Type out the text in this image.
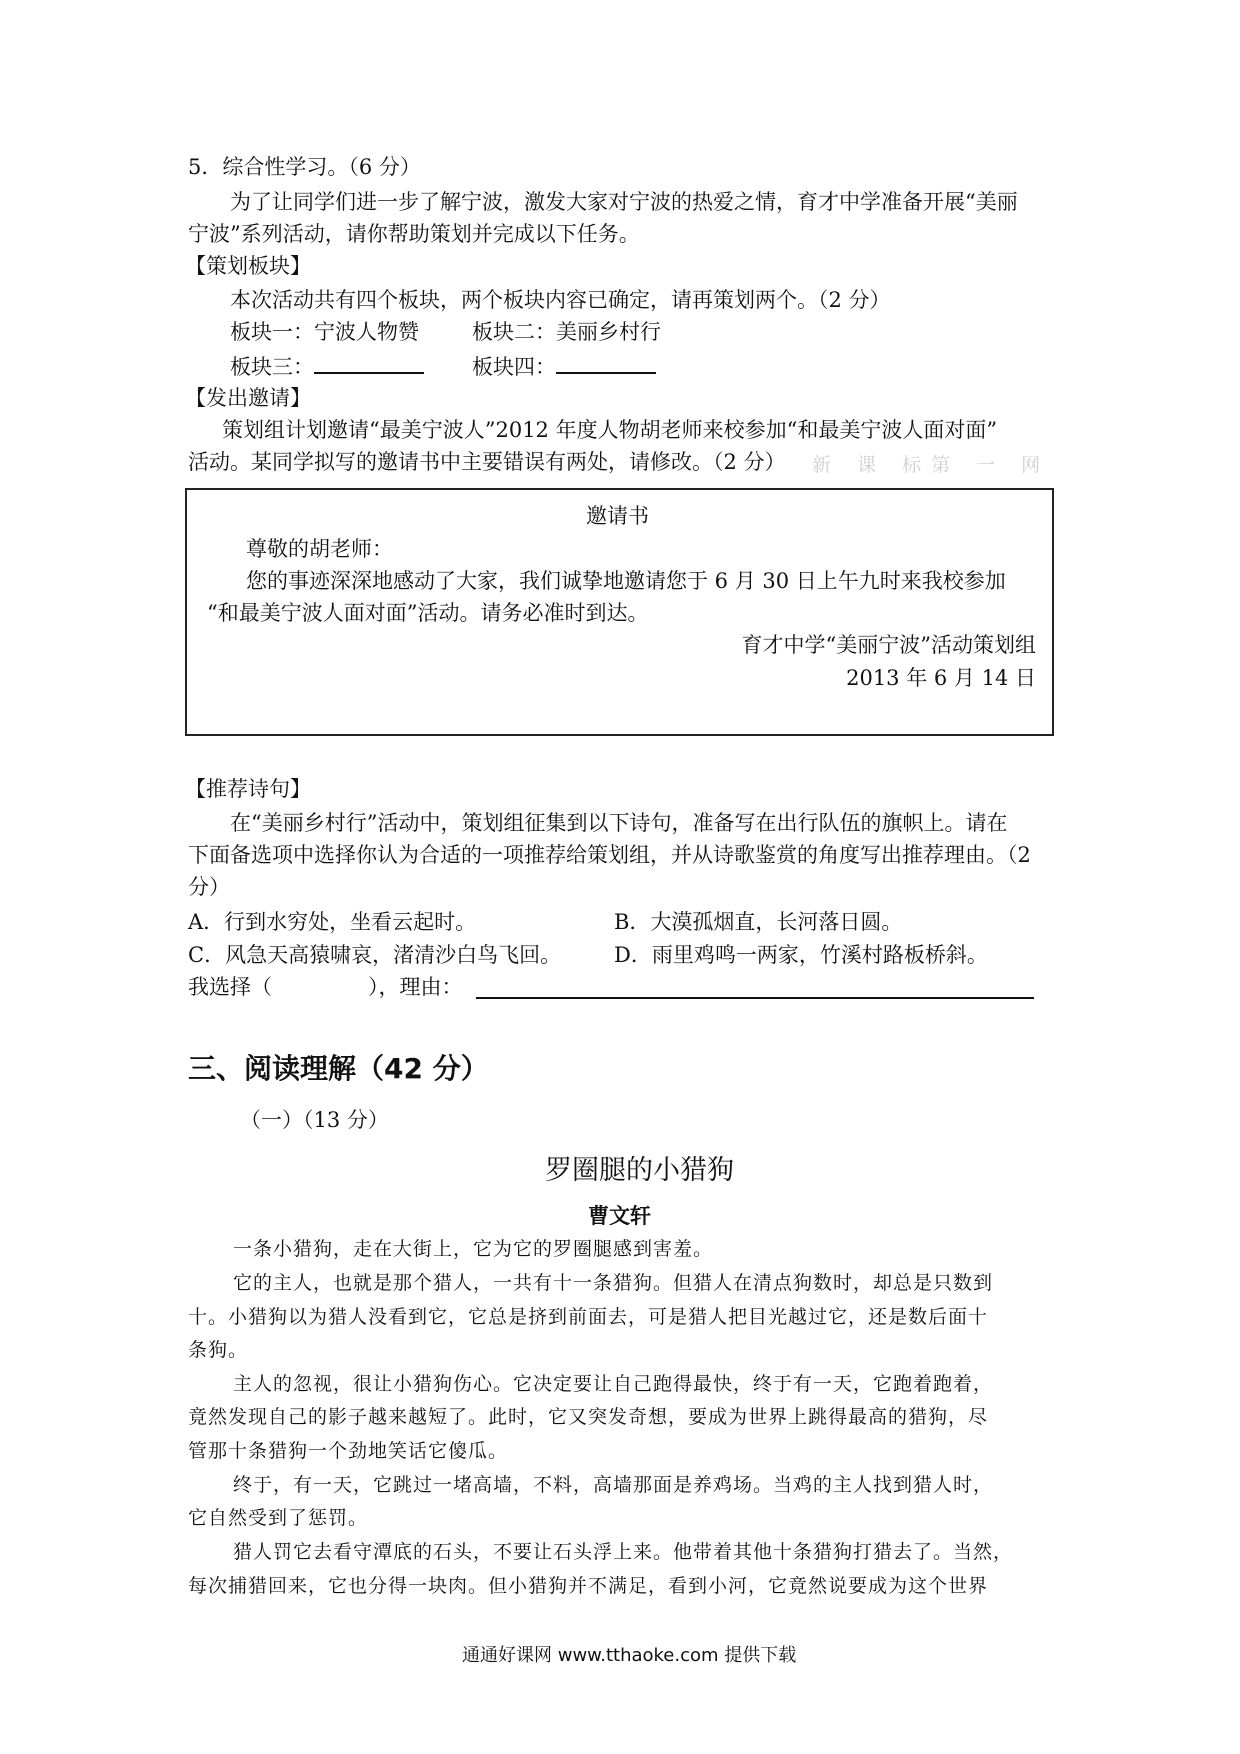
5．综合性学习。（6 分）
为了让同学们进一步了解宁波，激发大家对宁波的热爱之情，育才中学准备开展“美丽
宁波”系列活动，请你帮助策划并完成以下任务。
【策划板块】
本次活动共有四个板块，两个板块内容已确定，请再策划两个。（2 分）
板块一：宁波人物赞	板块二：美丽乡村行
板块三：	板块四：
【发出邀请】
策划组计划邀请“最美宁波人”2012 年度人物胡老师来校参加“和最美宁波人面对面”
活动。某同学拟写的邀请书中主要错误有两处，请修改。（2 分） 新 课 标第 一 网
邀请书
尊敬的胡老师：
您的事迹深深地感动了大家，我们诚挚地邀请您于 6 月 30 日上午九时来我校参加
“和最美宁波人面对面”活动。请务必准时到达。
育才中学“美丽宁波”活动策划组
2013 年 6 月 14 日
【推荐诗句】
在“美丽乡村行”活动中，策划组征集到以下诗句，准备写在出行队伍的旗帜上。请在
下面备选项中选择你认为合适的一项推荐给策划组，并从诗歌鉴赏的角度写出推荐理由。（2
分）
A．行到水穷处，坐看云起时。	B．大漠孤烟直，长河落日圆。
C．风急天高猿啸哀，渚清沙白鸟飞回。	D．雨里鸡鸣一两家，竹溪村路板桥斜。
我选择（	），理由：
三、阅读理解（42 分）
（一）（13 分）
罗圈腿的小猎狗
曹文轩
一条小猎狗，走在大街上，它为它的罗圈腿感到害羞。
它的主人，也就是那个猎人，一共有十一条猎狗。但猎人在清点狗数时，却总是只数到
十。小猎狗以为猎人没看到它，它总是挤到前面去，可是猎人把目光越过它，还是数后面十
条狗。
主人的忽视，很让小猎狗伤心。它决定要让自己跑得最快，终于有一天，它跑着跑着，
竟然发现自己的影子越来越短了。此时，它又突发奇想，要成为世界上跳得最高的猎狗，尽
管那十条猎狗一个劲地笑话它傻瓜。
终于，有一天，它跳过一堵高墙，不料，高墙那面是养鸡场。当鸡的主人找到猎人时，
它自然受到了惩罚。
猎人罚它去看守潭底的石头，不要让石头浮上来。他带着其他十条猎狗打猎去了。当然，
每次捕猎回来，它也分得一块肉。但小猎狗并不满足，看到小河，它竟然说要成为这个世界
通通好课网 www.tthaoke.com 提供下载
